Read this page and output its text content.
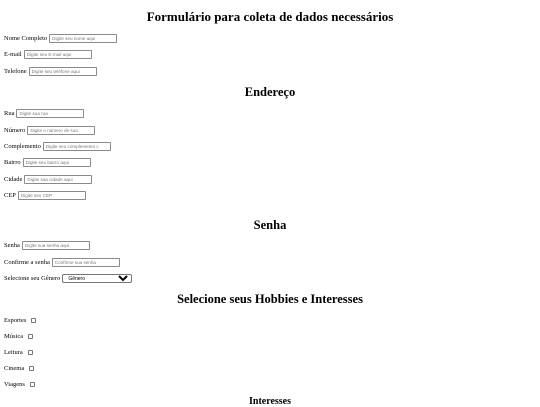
Formulário para coleta de dados necessários
Nome Completo
Digite seu nome aqui
E-mail
Digite seu E-mail aqui
Telefone
Digite seu telefone aqui
Endereço
Rua
Digite sua rua
Número
Digite o número de sua
Complemento
Digite seu complemento c
Bairro
Digite seu bairro aqui
Cidade
Digite sua cidade aqui
CEP
Digite seu CEP
Senha
Senha
Confirme a senha
Selecione seu Gênero
Gênero
Selecione seus Hobbies e Interesses
Esportes
Música
Leitura
Cinema
Viagens
Interesses
